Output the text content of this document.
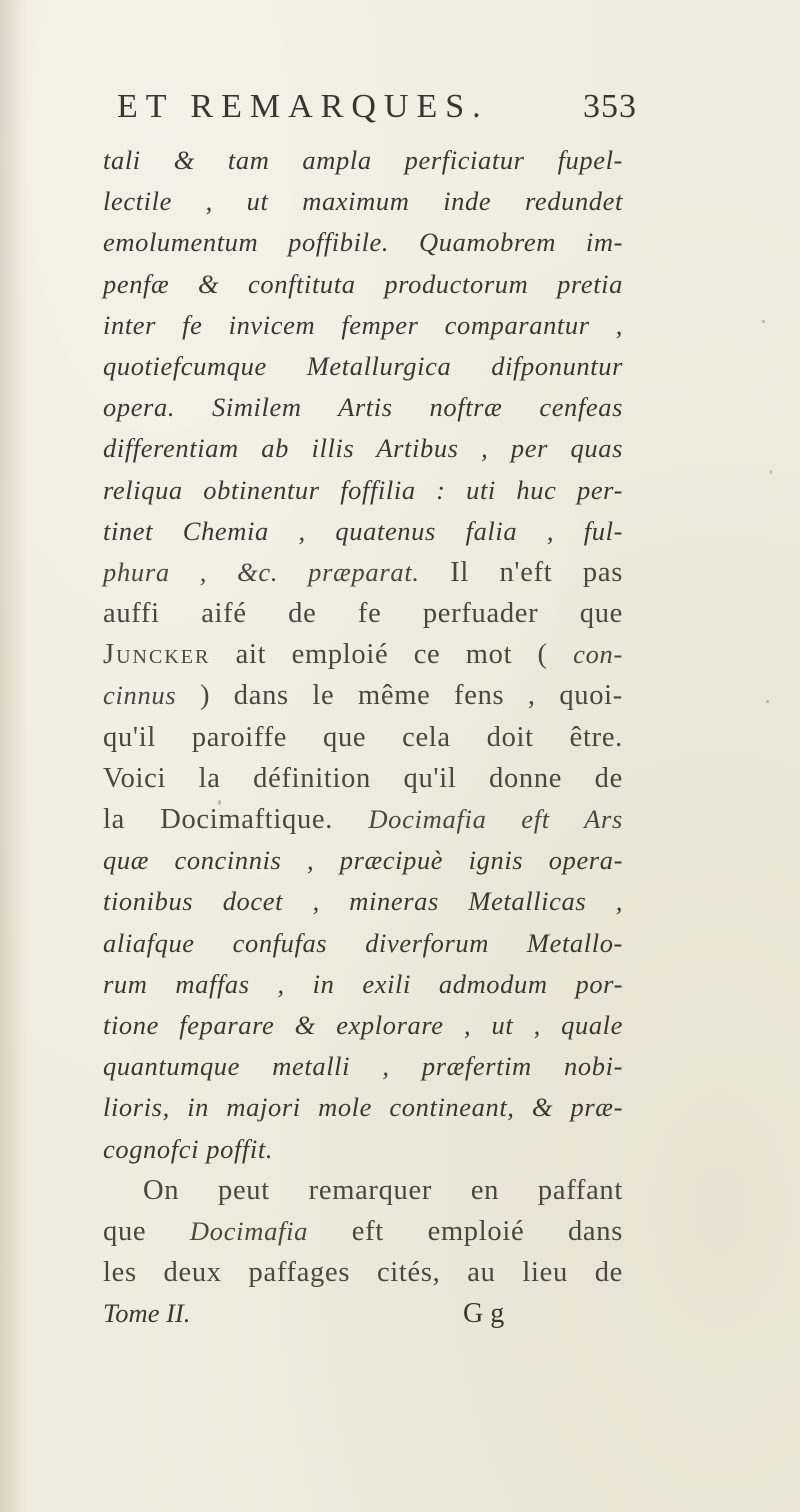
ET REMARQUES.	353
tali & tam ampla perficiatur fupel-
lectile , ut maximum inde redundet
emolumentum poffibile. Quamobrem im-
penfæ & conftituta productorum pretia
inter fe invicem femper comparantur ,
quotiefcumque Metallurgica difponuntur
opera. Similem Artis noftræ cenfeas
differentiam ab illis Artibus , per quas
reliqua obtinentur foffilia : uti huc per-
tinet Chemia , quatenus falia , ful-
phura , &c. præparat. Il n'eft pas
auffi aifé de fe perfuader que
Juncker ait emploié ce mot ( con-
cinnus ) dans le même fens , quoi-
qu'il paroiffe que cela doit être.
Voici la définition qu'il donne de
la Docimaftique. Docimafia eft Ars
quæ concinnis , præcipuè ignis opera-
tionibus docet , mineras Metallicas ,
aliafque confufas diverforum Metallo-
rum maffas , in exili admodum por-
tione feparare & explorare , ut , quale
quantumque metalli , præfertim nobi-
lioris, in majori mole contineant, & præ-
cognofci poffit.
On peut remarquer en paffant
que Docimafia eft emploié dans
les deux paffages cités, au lieu de
Tome II.	G g
